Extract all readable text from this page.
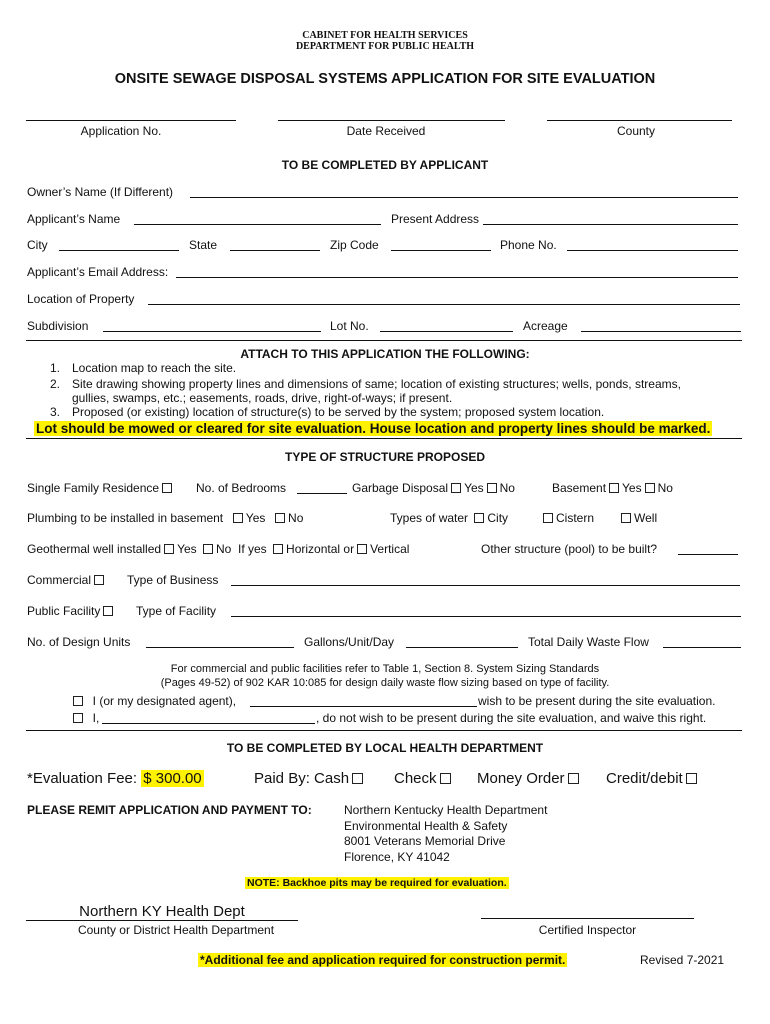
CABINET FOR HEALTH SERVICES
DEPARTMENT FOR PUBLIC HEALTH
ONSITE SEWAGE DISPOSAL SYSTEMS APPLICATION FOR SITE EVALUATION
Application No.	Date Received	County
TO BE COMPLETED BY APPLICANT
Owner’s Name (If Different)
Applicant’s Name	Present Address
City	State	Zip Code	Phone No.
Applicant’s Email Address:
Location of Property
Subdivision	Lot No.	Acreage
ATTACH TO THIS APPLICATION THE FOLLOWING:
1. Location map to reach the site.
2. Site drawing showing property lines and dimensions of same; location of existing structures; wells, ponds, streams,
gullies, swamps, etc.; easements, roads, drive, right-of-ways; if present.
3. Proposed (or existing) location of structure(s) to be served by the system; proposed system location.
Lot should be mowed or cleared for site evaluation. House location and property lines should be marked.
TYPE OF STRUCTURE PROPOSED
Single Family Residence	No. of Bedrooms	Garbage Disposal Yes No	Basement Yes No
Plumbing to be installed in basement Yes No	Types of water City	Cistern	Well
Geothermal well installed Yes No If yes Horizontal or Vertical	Other structure (pool) to be built?
Commercial	Type of Business
Public Facility	Type of Facility
No. of Design Units	Gallons/Unit/Day	Total Daily Waste Flow
For commercial and public facilities refer to Table 1, Section 8. System Sizing Standards
(Pages 49-52) of 902 KAR 10:085 for design daily waste flow sizing based on type of facility.
I (or my designated agent),	wish to be present during the site evaluation.
I,	, do not wish to be present during the site evaluation, and waive this right.
TO BE COMPLETED BY LOCAL HEALTH DEPARTMENT
*Evaluation Fee: $ 300.00	Paid By: Cash	Check	Money Order	Credit/debit
PLEASE REMIT APPLICATION AND PAYMENT TO:	Northern Kentucky Health Department
Environmental Health & Safety
8001 Veterans Memorial Drive
Florence, KY 41042
NOTE: Backhoe pits may be required for evaluation.
Northern KY Health Dept
County or District Health Department	Certified Inspector
*Additional fee and application required for construction permit.	Revised 7-2021
